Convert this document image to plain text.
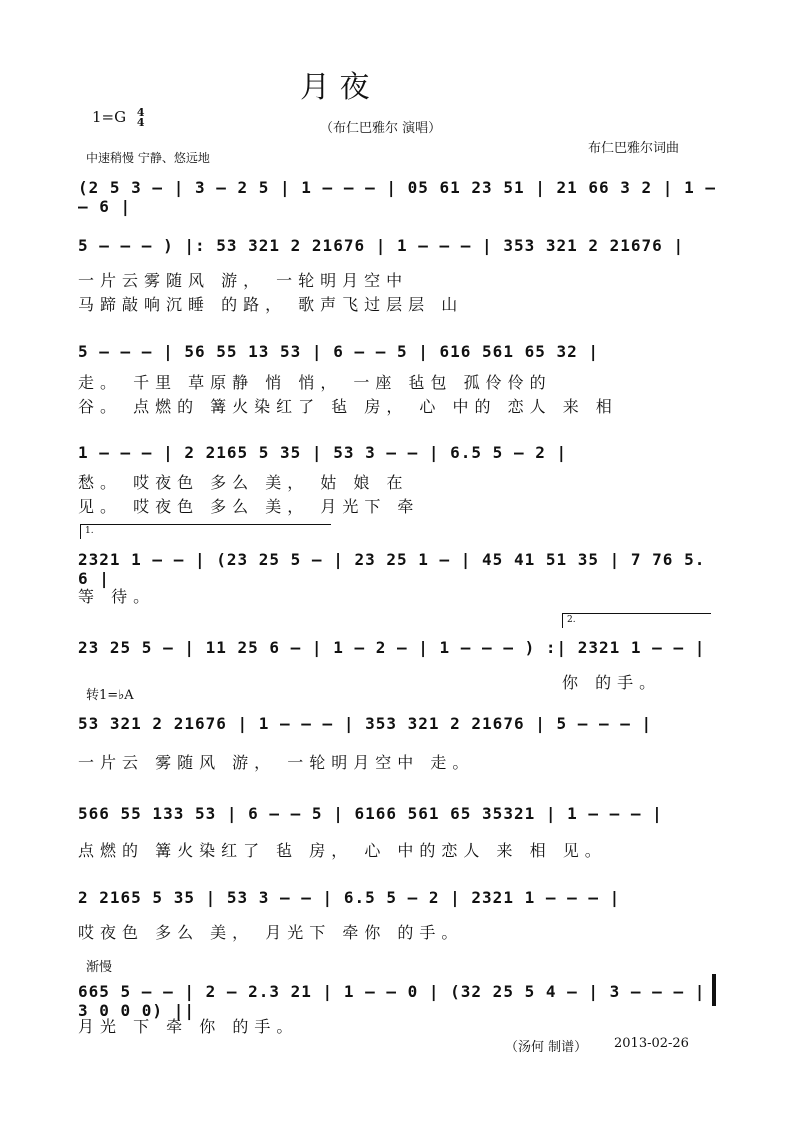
月 夜
1=G 4
4	（布仁巴雅尔 演唱）
布仁巴雅尔词曲
中速稍慢 宁静、悠远地
(2 5 3 – | 3 – 2 5 | 1 – – – | 05 61 23 51 | 21 66 3 2 | 1 – – 6 |
5 – – – ) |: 53 321 2 21676 | 1 – – – | 353 321 2 21676 |
一片云雾随风 游， 一轮明月空中
马蹄敲响沉睡 的路， 歌声飞过层层 山
5 – – – | 56 55 13 53 | 6 – – 5 | 616 561 65 32 |
走。 千里 草原静 悄 悄， 一座 毡包 孤伶伶的
谷。 点燃的 篝火染红了 毡 房， 心 中的 恋人 来 相
1 – – – | 2 2165 5 35 | 53 3 – – | 6.5 5 – 2 |
愁。 哎夜色 多么 美， 姑 娘 在
见。 哎夜色 多么 美， 月光下 牵
1.
2321 1 – – | (23 25 5 – | 23 25 1 – | 45 41 51 35 | 7 76 5. 6 |
等 待。
2.
23 25 5 – | 11 25 6 – | 1 – 2 – | 1 – – – ) :| 2321 1 – – |
你 的手。
转1=♭A
53 321 2 21676 | 1 – – – | 353 321 2 21676 | 5 – – – |
一片云 雾随风 游， 一轮明月空中 走。
566 55 133 53 | 6 – – 5 | 6166 561 65 35321 | 1 – – – |
点燃的 篝火染红了 毡 房， 心 中的恋人 来 相 见。
2 2165 5 35 | 53 3 – – | 6.5 5 – 2 | 2321 1 – – – |
哎夜色 多么 美， 月光下 牵你 的手。
渐慢
665 5 – – | 2 – 2.3 21 | 1 – – 0 | (32 25 5 4 – | 3 – – – | 3 0 0 0) ||
月光 下 牵 你 的手。
（汤何 制谱） 2013-02-26
